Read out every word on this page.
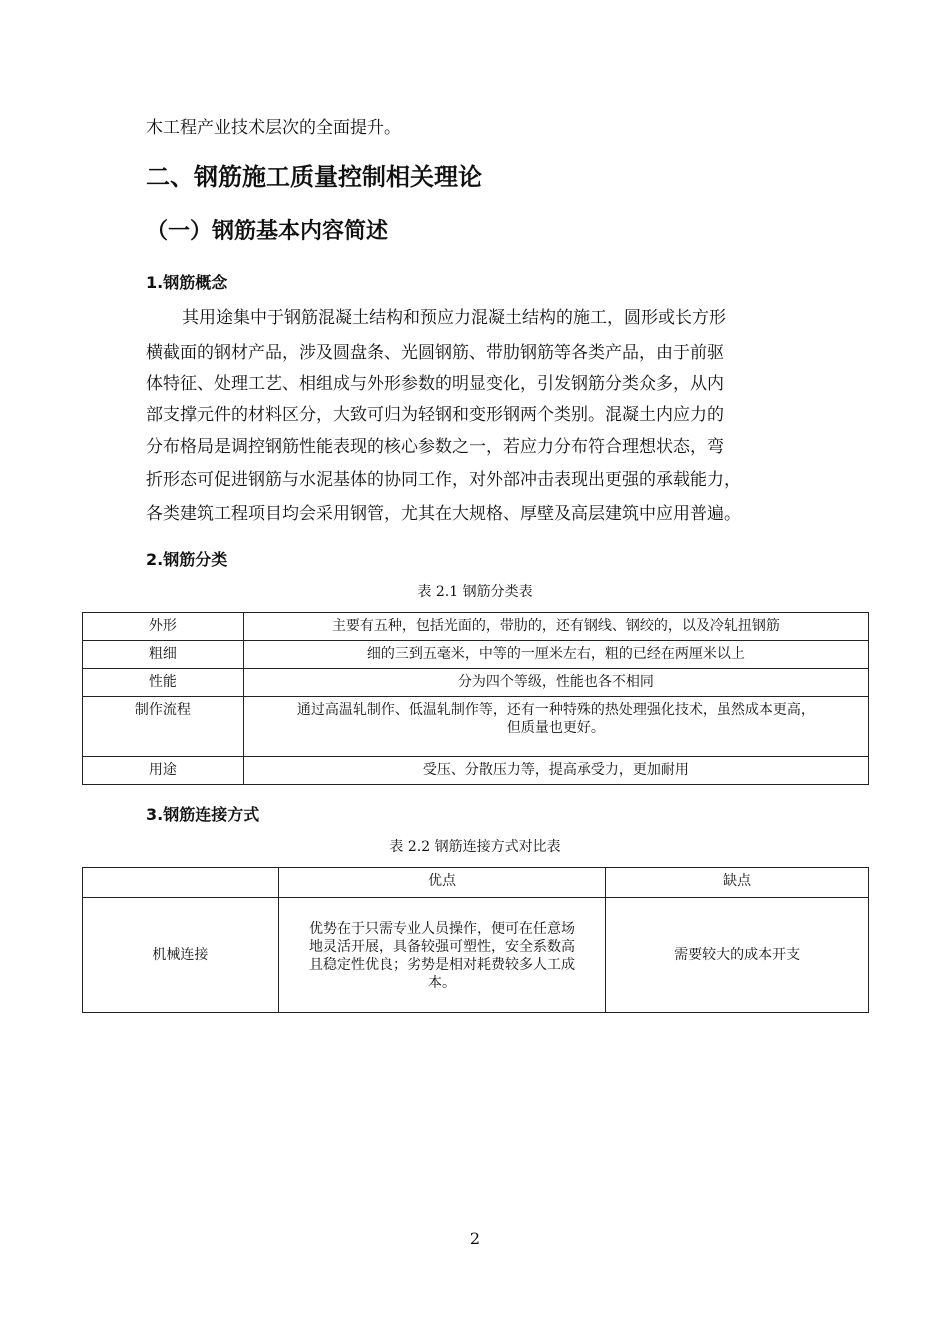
木工程产业技术层次的全面提升。
二、钢筋施工质量控制相关理论
（一）钢筋基本内容简述
1.钢筋概念
其用途集中于钢筋混凝土结构和预应力混凝土结构的施工，圆形或长方形
横截面的钢材产品，涉及圆盘条、光圆钢筋、带肋钢筋等各类产品，由于前驱
体特征、处理工艺、相组成与外形参数的明显变化，引发钢筋分类众多，从内
部支撑元件的材料区分，大致可归为轻钢和变形钢两个类别。混凝土内应力的
分布格局是调控钢筋性能表现的核心参数之一，若应力分布符合理想状态，弯
折形态可促进钢筋与水泥基体的协同工作，对外部冲击表现出更强的承载能力，
各类建筑工程项目均会采用钢管，尤其在大规格、厚壁及高层建筑中应用普遍。
2.钢筋分类
表 2.1 钢筋分类表
外形	主要有五种，包括光面的，带肋的，还有钢线、钢绞的，以及冷轧扭钢筋
粗细	细的三到五毫米，中等的一厘米左右，粗的已经在两厘米以上
性能	分为四个等级，性能也各不相同
制作流程	通过高温轧制作、低温轧制作等，还有一种特殊的热处理强化技术，虽然成本更高，
但质量也更好。

用途	受压、分散压力等，提高承受力，更加耐用
3.钢筋连接方式
表 2.2 钢筋连接方式对比表
	优点	缺点
机械连接	优势在于只需专业人员操作，便可在任意场
地灵活开展，具备较强可塑性，安全系数高
且稳定性优良；劣势是相对耗费较多人工成
本。	需要较大的成本开支
2
